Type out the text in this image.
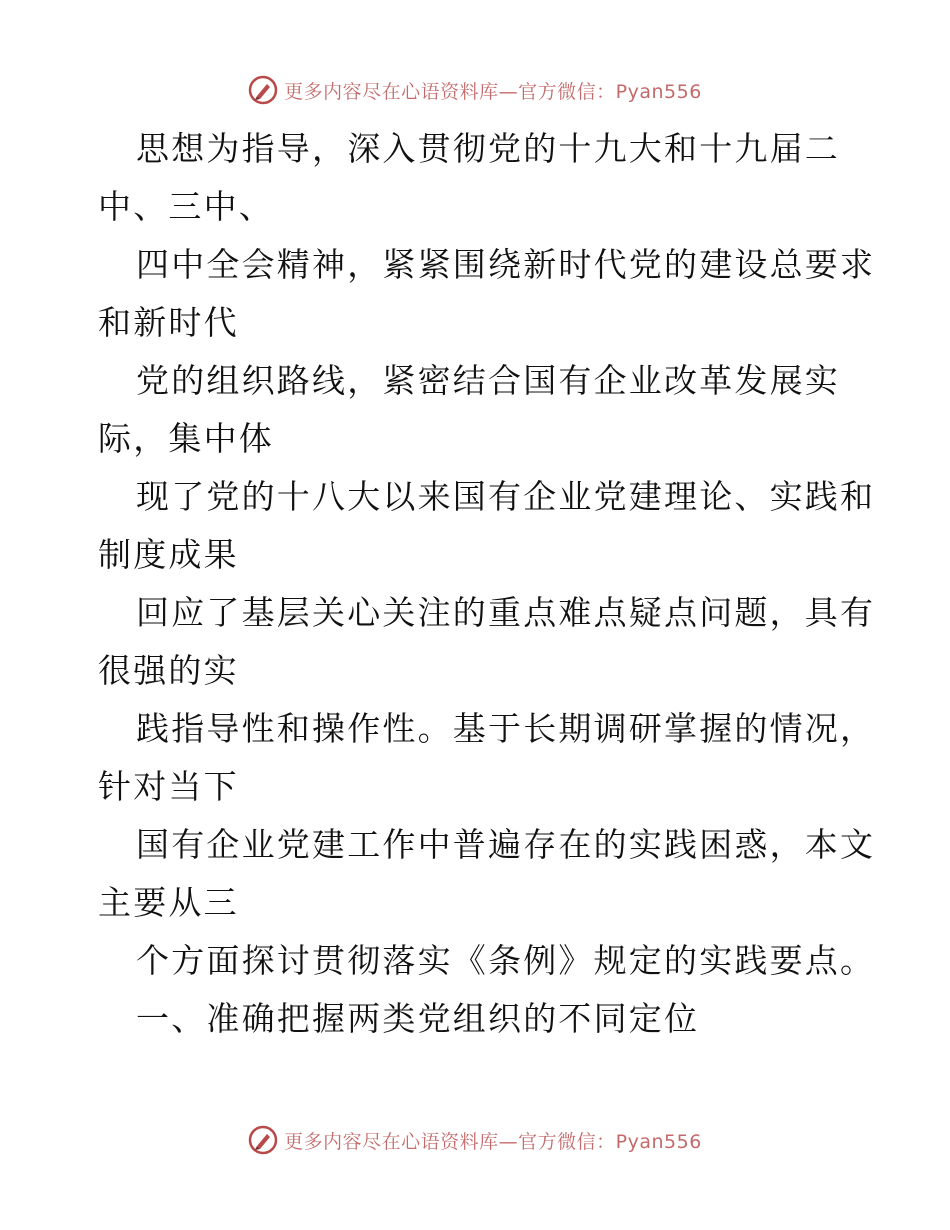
更多内容尽在心语资料库—官方微信：Pyan556
思想为指导，深入贯彻党的十九大和十九届二
中、三中、
四中全会精神，紧紧围绕新时代党的建设总要求
和新时代
党的组织路线，紧密结合国有企业改革发展实
际，集中体
现了党的十八大以来国有企业党建理论、实践和
制度成果
回应了基层关心关注的重点难点疑点问题，具有
很强的实
践指导性和操作性。基于长期调研掌握的情况，
针对当下
国有企业党建工作中普遍存在的实践困惑，本文
主要从三
个方面探讨贯彻落实《条例》规定的实践要点。
一、准确把握两类党组织的不同定位
更多内容尽在心语资料库—官方微信：Pyan556
